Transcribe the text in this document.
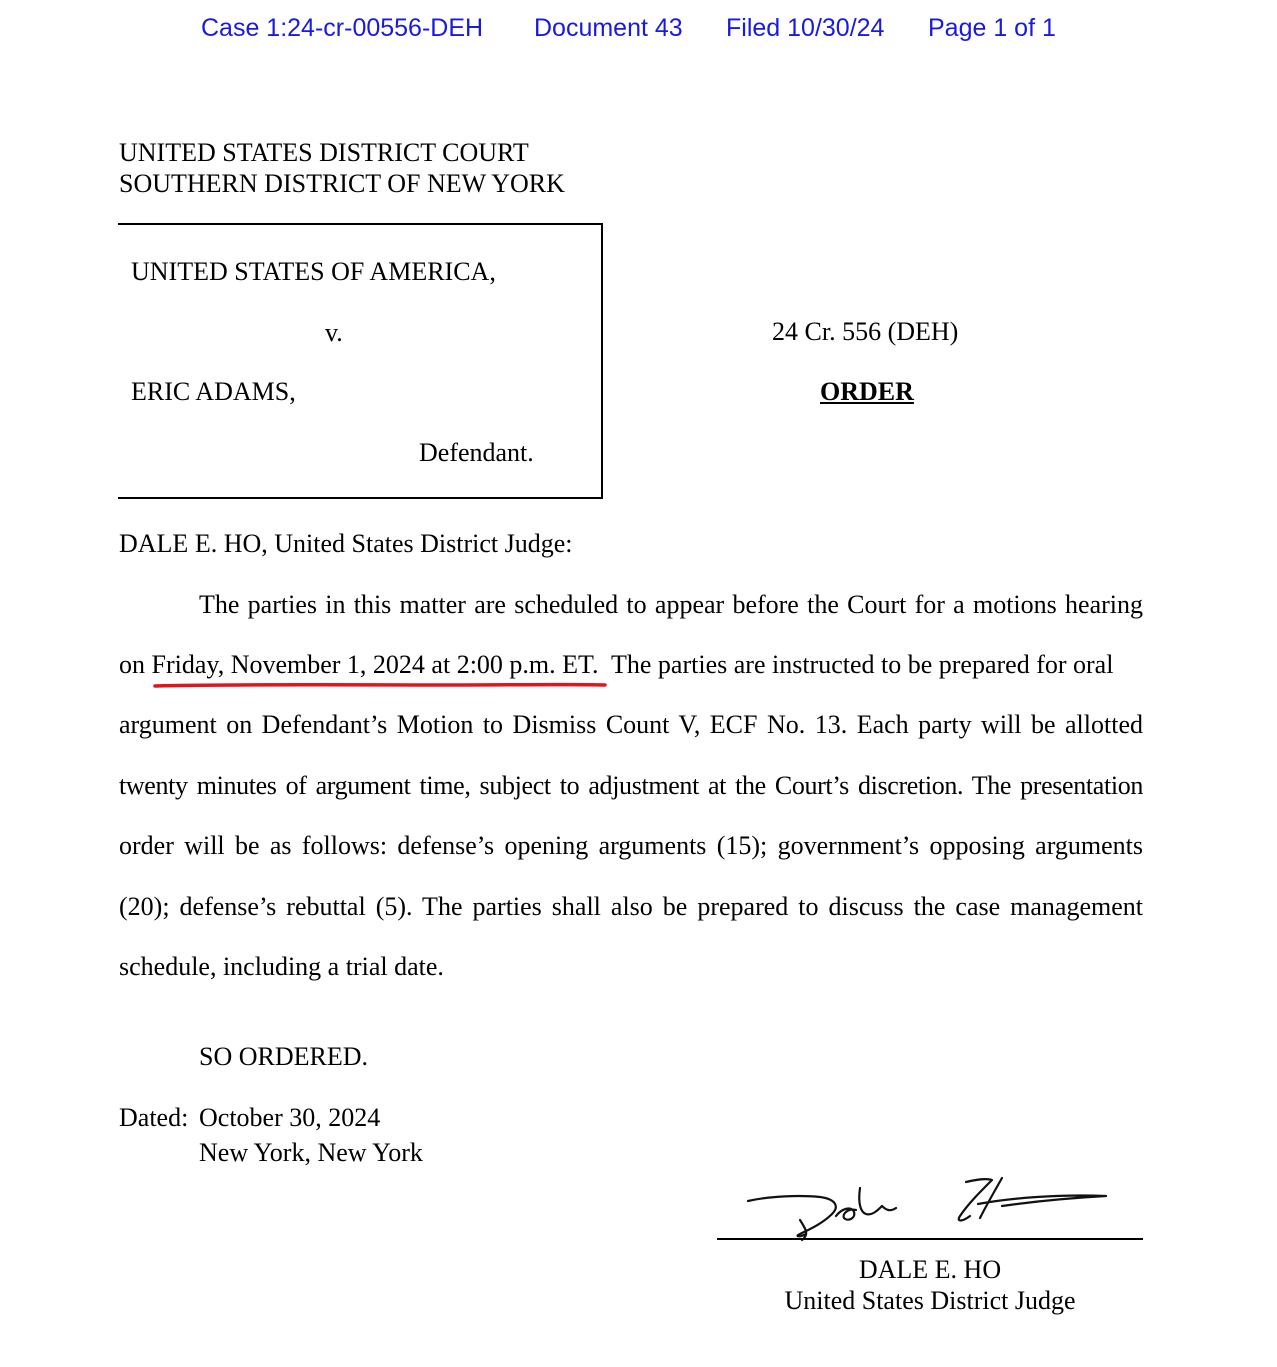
Case 1:24-cr-00556-DEH Document 43 Filed 10/30/24 Page 1 of 1
UNITED STATES DISTRICT COURT
SOUTHERN DISTRICT OF NEW YORK
UNITED STATES OF AMERICA,
v.
ERIC ADAMS,
Defendant.
24 Cr. 556 (DEH)
ORDER
DALE E. HO, United States District Judge:
The parties in this matter are scheduled to appear before the Court for a motions hearing
on Friday, November 1, 2024 at 2:00 p.m. ET.  The parties are instructed to be prepared for oral
argument on Defendant’s Motion to Dismiss Count V, ECF No. 13. Each party will be allotted
twenty minutes of argument time, subject to adjustment at the Court’s discretion. The presentation
order will be as follows: defense’s opening arguments (15); government’s opposing arguments
(20); defense’s rebuttal (5). The parties shall also be prepared to discuss the case management
schedule, including a trial date.
SO ORDERED.
Dated: October 30, 2024
New York, New York
DALE E. HO
United States District Judge
